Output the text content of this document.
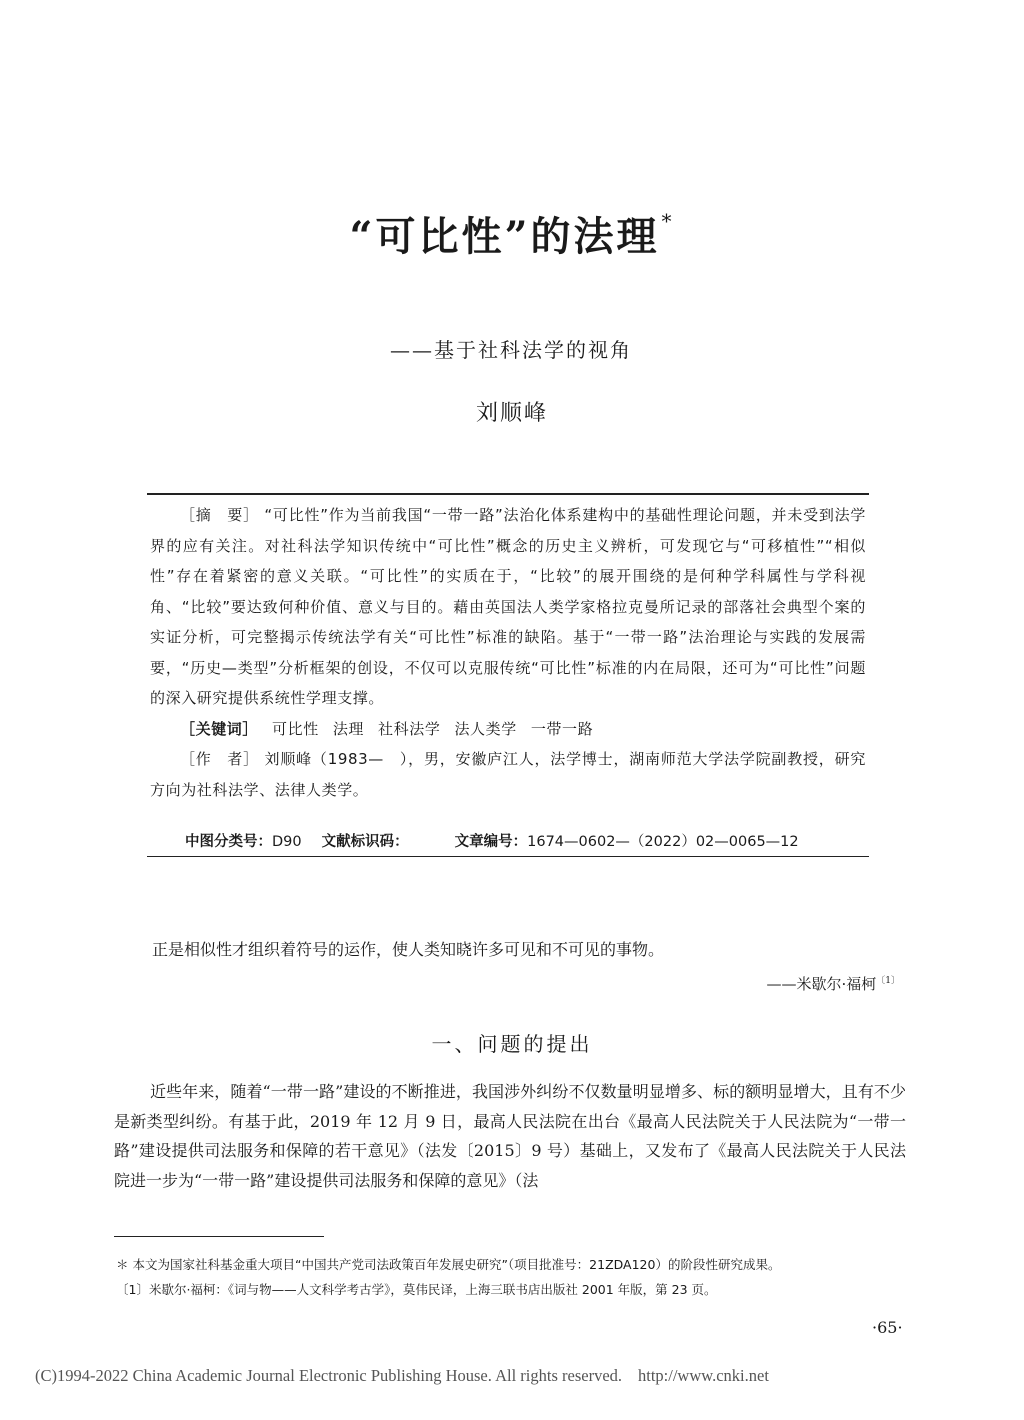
“可比性”的法理 *
——基于社科法学的视角
刘顺峰

［摘　要］ “可比性”作为当前我国“一带一路”法治化体系建构中的基础性理论问题，并未受到法学界的应有关注。对社科法学知识传统中“可比性”概念的历史主义辨析，可发现它与“可移植性”“相似性”存在着紧密的意义关联。“可比性”的实质在于，“比较”的展开围绕的是何种学科属性与学科视角、“比较”要达致何种价值、意义与目的。藉由英国法人类学家格拉克曼所记录的部落社会典型个案的实证分析，可完整揭示传统法学有关“可比性”标准的缺陷。基于“一带一路”法治理论与实践的发展需要，“历史—类型”分析框架的创设，不仅可以克服传统“可比性”标准的内在局限，还可为“可比性”问题的深入研究提供系统性学理支撑。

［关键词］ 可比性 法理 社科法学 法人类学 一带一路

［作　者］ 刘顺峰（1983—　），男，安徽庐江人，法学博士，湖南师范大学法学院副教授，研究方向为社科法学、法律人类学。

中图分类号：D90 文献标识码：	文章编号：1674—0602—（2022）02—0065—12
正是相似性才组织着符号的运作，使人类知晓许多可见和不可见的事物。
——米歇尔·福柯$^{〔1〕}$
一、问题的提出

近些年来，随着“一带一路”建设的不断推进，我国涉外纠纷不仅数量明显增多、标的额明显增大，且有不少是新类型纠纷。有基于此，2019 年 12 月 9 日，最高人民法院在出台《最高人民法院关于人民法院为“一带一路”建设提供司法服务和保障的若干意见》（法发〔2015〕9 号）基础上，又发布了《最高人民法院关于人民法院进一步为“一带一路”建设提供司法服务和保障的意见》（法

＊ 本文为国家社科基金重大项目“中国共产党司法政策百年发展史研究”（项目批准号：21ZDA120）的阶段性研究成果。

〔1〕米歇尔·福柯：《词与物——人文科学考古学》，莫伟民译，上海三联书店出版社 2001 年版，第 23 页。

·65·
(C)1994-2022 China Academic Journal Electronic Publishing House. All rights reserved. http://www.cnki.net
